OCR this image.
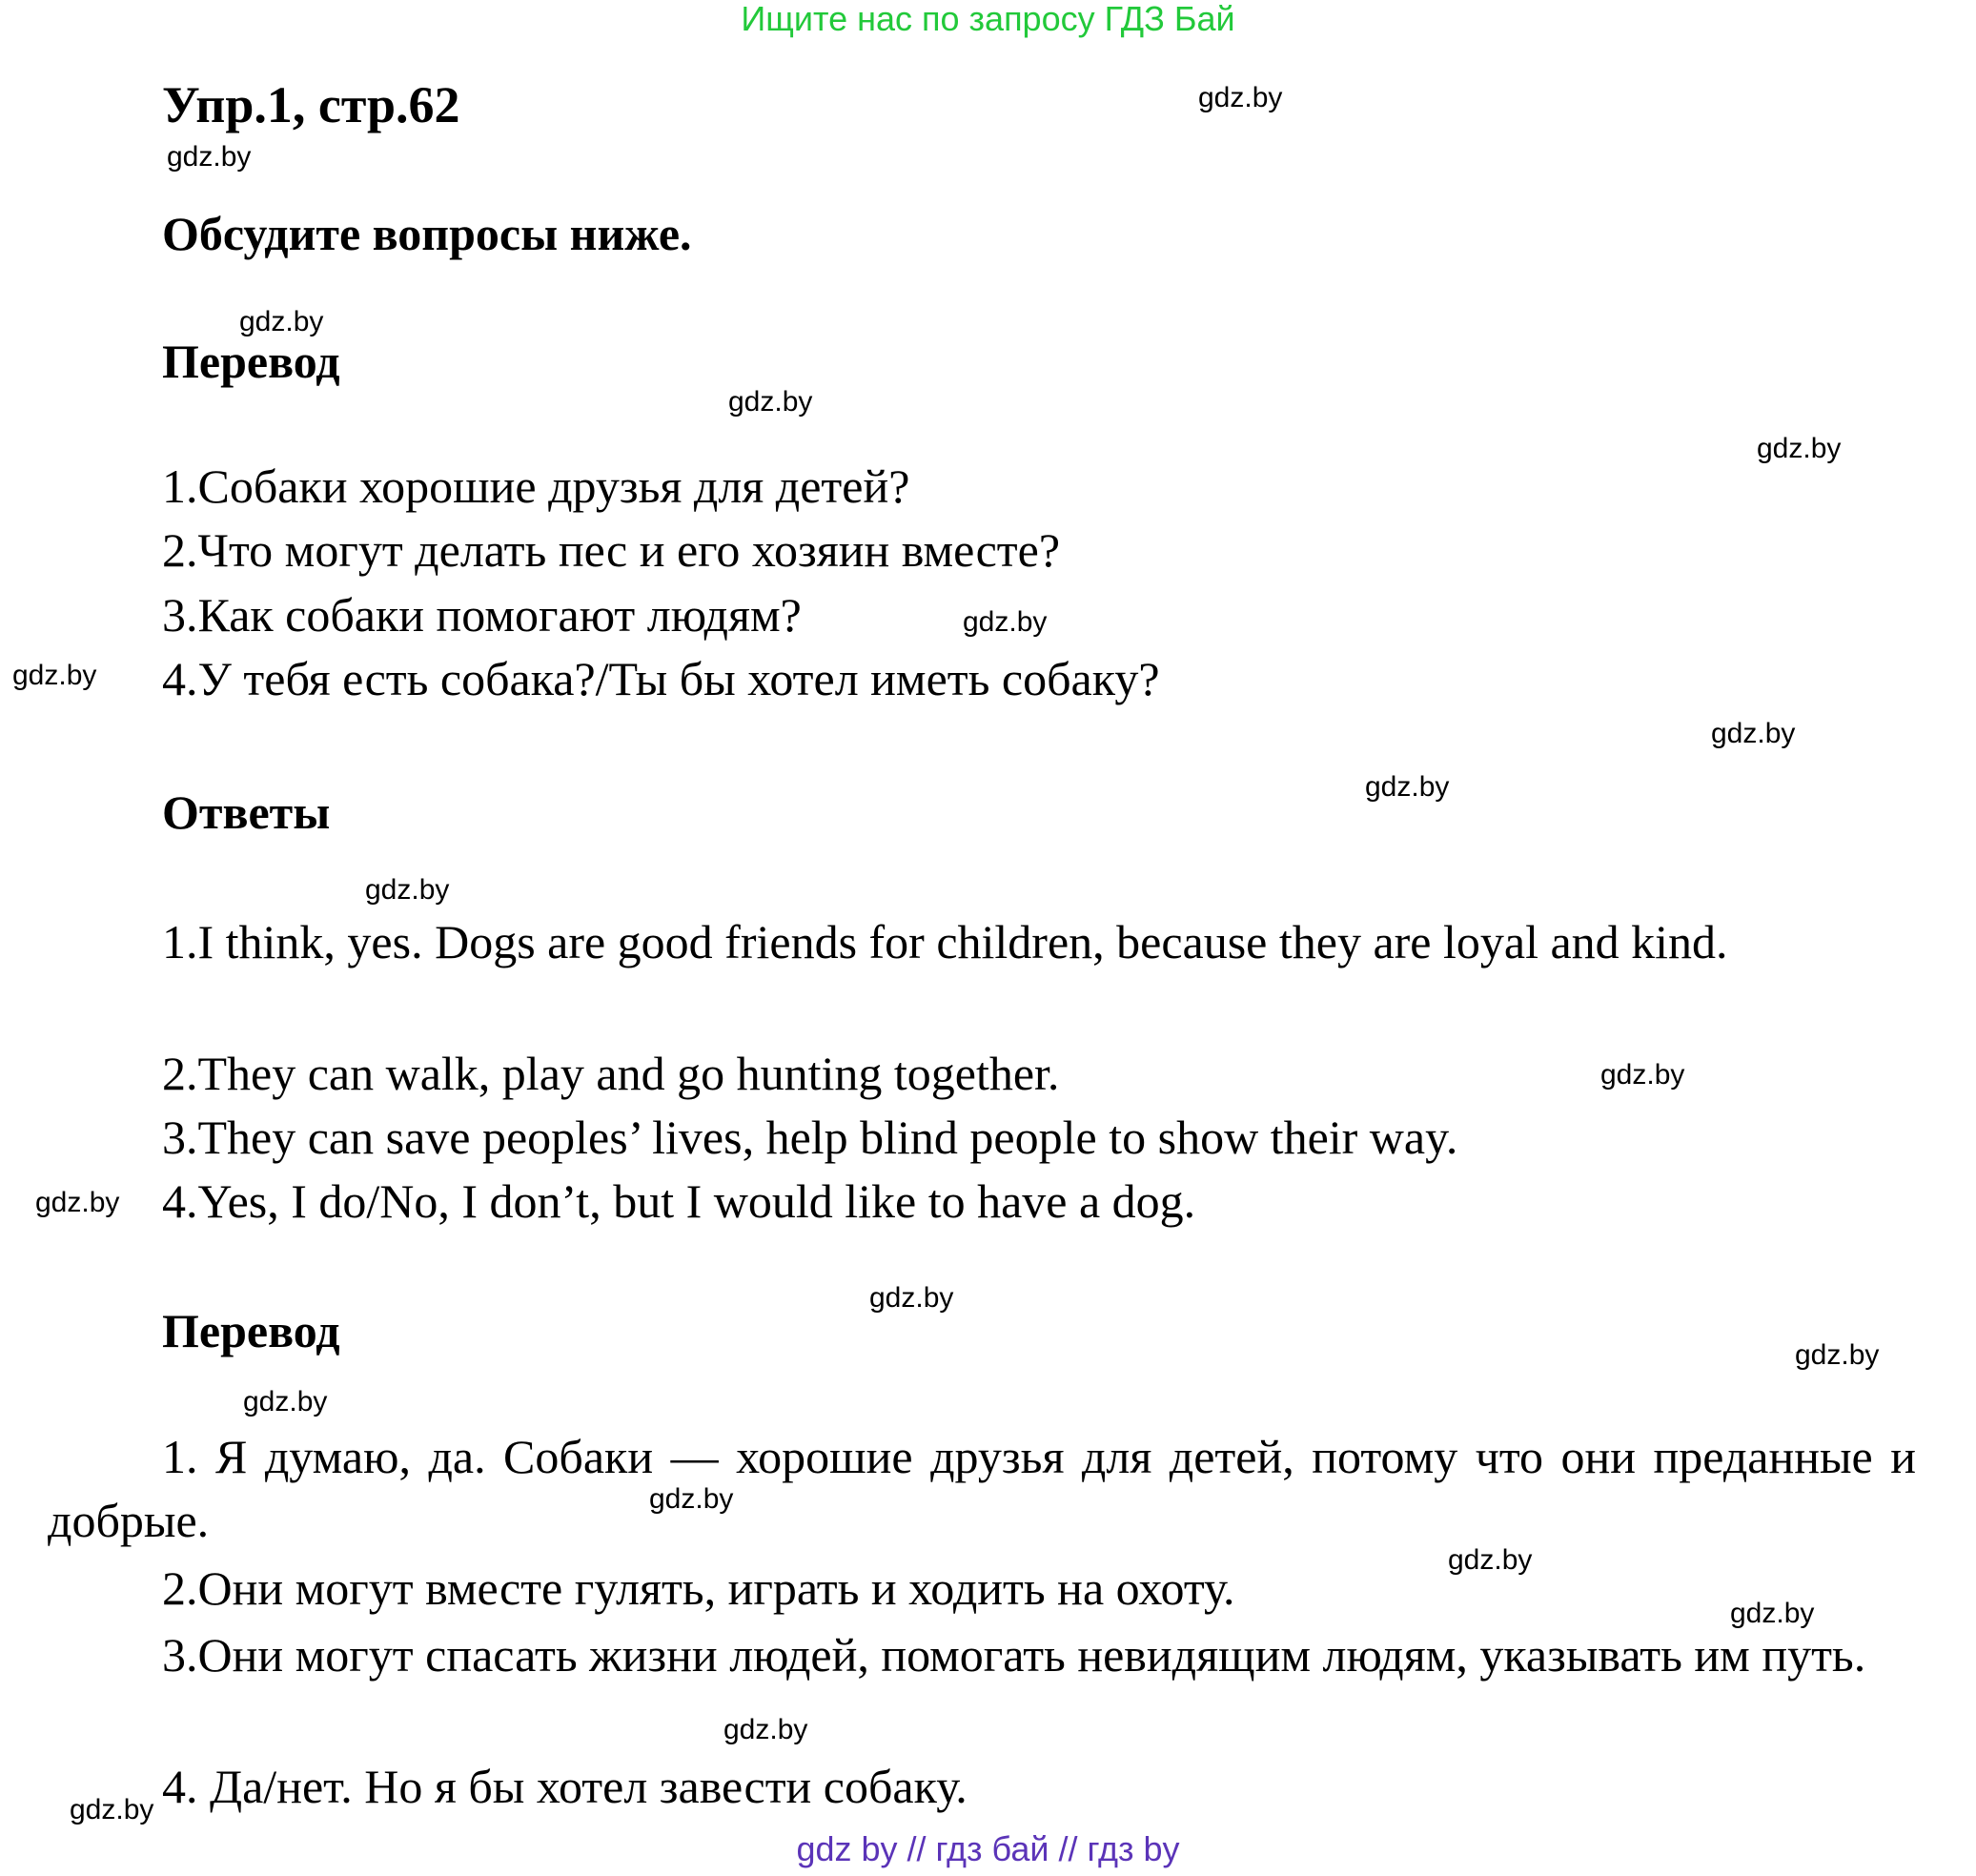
Ищите нас по запросу ГДЗ Бай
Упр.1, стр.62
Обсудите вопросы ниже.
Перевод
1.Собаки хорошие друзья для детей?
2.Что могут делать пес и его хозяин вместе?
3.Как собаки помогают людям?
4.У тебя есть собака?/Ты бы хотел иметь собаку?
Ответы
1.I think, yes. Dogs are good friends for children, because they are loyal and kind.
2.They can walk, play and go hunting together.
3.They can save peoples’ lives, help blind people to show their way.
4.Yes, I do/No, I don’t, but I would like to have a dog.
Перевод
1. Я думаю, да. Собаки — хорошие друзья для детей, потому что они преданные и добрые.
2.Они могут вместе гулять, играть и ходить на охоту.
3.Они могут спасать жизни людей, помогать невидящим людям, указывать им путь.
4. Да/нет. Но я бы хотел завести собаку.
gdz.by
gdz.by
gdz.by
gdz.by
gdz.by
gdz.by
gdz.by
gdz.by
gdz.by
gdz.by
gdz.by
gdz.by
gdz.by
gdz.by
gdz.by
gdz.by
gdz.by
gdz.by
gdz.by
gdz.by
gdz by // гдз бай // гдз by
